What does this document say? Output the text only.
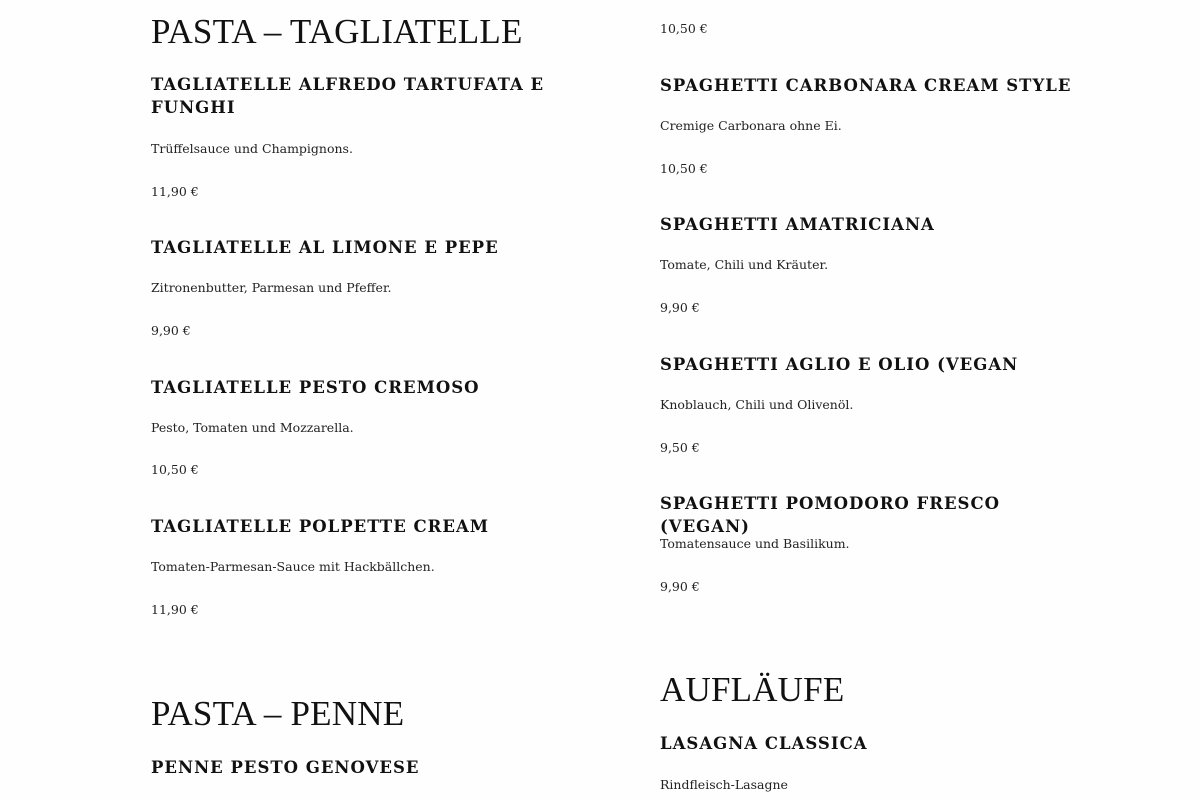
PASTA – TAGLIATELLE
TAGLIATELLE ALFREDO TARTUFATA E FUNGHI

Trüffelsauce und Champignons.

11,90 €

TAGLIATELLE AL LIMONE E PEPE

Zitronenbutter, Parmesan und Pfeffer.

9,90 €

TAGLIATELLE PESTO CREMOSO

Pesto, Tomaten und Mozzarella.

10,50 €

TAGLIATELLE POLPETTE CREAM

Tomaten-Parmesan-Sauce mit Hackbällchen.

11,90 €

PASTA – PENNE
PENNE PESTO GENOVESE

10,50 €

SPAGHETTI CARBONARA CREAM STYLE

Cremige Carbonara ohne Ei.

10,50 €

SPAGHETTI AMATRICIANA

Tomate, Chili und Kräuter.

9,90 €

SPAGHETTI AGLIO E OLIO (VEGAN

Knoblauch, Chili und Olivenöl.

9,50 €

SPAGHETTI POMODORO FRESCO (VEGAN)

Tomatensauce und Basilikum.

9,90 €

AUFLÄUFE
LASAGNA CLASSICA

Rindfleisch-Lasagne
